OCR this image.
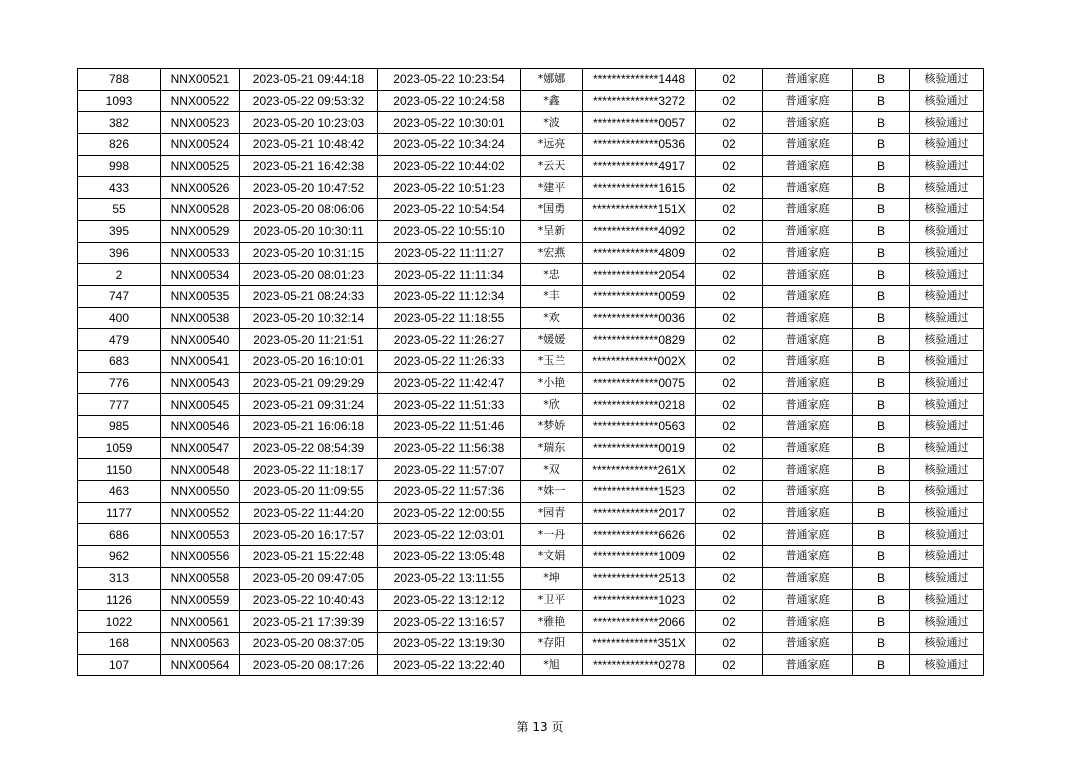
788	NNX00521	2023-05-21 09:44:18	2023-05-22 10:23:54	*娜娜	**************1448	02	普通家庭	B	核验通过
1093	NNX00522	2023-05-22 09:53:32	2023-05-22 10:24:58	*鑫	**************3272	02	普通家庭	B	核验通过
382	NNX00523	2023-05-20 10:23:03	2023-05-22 10:30:01	*波	**************0057	02	普通家庭	B	核验通过
826	NNX00524	2023-05-21 10:48:42	2023-05-22 10:34:24	*远亮	**************0536	02	普通家庭	B	核验通过
998	NNX00525	2023-05-21 16:42:38	2023-05-22 10:44:02	*云天	**************4917	02	普通家庭	B	核验通过
433	NNX00526	2023-05-20 10:47:52	2023-05-22 10:51:23	*建平	**************1615	02	普通家庭	B	核验通过
55	NNX00528	2023-05-20 08:06:06	2023-05-22 10:54:54	*国勇	**************151X	02	普通家庭	B	核验通过
395	NNX00529	2023-05-20 10:30:11	2023-05-22 10:55:10	*呈新	**************4092	02	普通家庭	B	核验通过
396	NNX00533	2023-05-20 10:31:15	2023-05-22 11:11:27	*宏燕	**************4809	02	普通家庭	B	核验通过
2	NNX00534	2023-05-20 08:01:23	2023-05-22 11:11:34	*忠	**************2054	02	普通家庭	B	核验通过
747	NNX00535	2023-05-21 08:24:33	2023-05-22 11:12:34	*丰	**************0059	02	普通家庭	B	核验通过
400	NNX00538	2023-05-20 10:32:14	2023-05-22 11:18:55	*欢	**************0036	02	普通家庭	B	核验通过
479	NNX00540	2023-05-20 11:21:51	2023-05-22 11:26:27	*媛媛	**************0829	02	普通家庭	B	核验通过
683	NNX00541	2023-05-20 16:10:01	2023-05-22 11:26:33	*玉兰	**************002X	02	普通家庭	B	核验通过
776	NNX00543	2023-05-21 09:29:29	2023-05-22 11:42:47	*小艳	**************0075	02	普通家庭	B	核验通过
777	NNX00545	2023-05-21 09:31:24	2023-05-22 11:51:33	*欣	**************0218	02	普通家庭	B	核验通过
985	NNX00546	2023-05-21 16:06:18	2023-05-22 11:51:46	*梦娇	**************0563	02	普通家庭	B	核验通过
1059	NNX00547	2023-05-22 08:54:39	2023-05-22 11:56:38	*瑞东	**************0019	02	普通家庭	B	核验通过
1150	NNX00548	2023-05-22 11:18:17	2023-05-22 11:57:07	*双	**************261X	02	普通家庭	B	核验通过
463	NNX00550	2023-05-20 11:09:55	2023-05-22 11:57:36	*姝一	**************1523	02	普通家庭	B	核验通过
1177	NNX00552	2023-05-22 11:44:20	2023-05-22 12:00:55	*园青	**************2017	02	普通家庭	B	核验通过
686	NNX00553	2023-05-20 16:17:57	2023-05-22 12:03:01	*一丹	**************6626	02	普通家庭	B	核验通过
962	NNX00556	2023-05-21 15:22:48	2023-05-22 13:05:48	*文娟	**************1009	02	普通家庭	B	核验通过
313	NNX00558	2023-05-20 09:47:05	2023-05-22 13:11:55	*坤	**************2513	02	普通家庭	B	核验通过
1126	NNX00559	2023-05-22 10:40:43	2023-05-22 13:12:12	*卫平	**************1023	02	普通家庭	B	核验通过
1022	NNX00561	2023-05-21 17:39:39	2023-05-22 13:16:57	*雅艳	**************2066	02	普通家庭	B	核验通过
168	NNX00563	2023-05-20 08:37:05	2023-05-22 13:19:30	*存阳	**************351X	02	普通家庭	B	核验通过
107	NNX00564	2023-05-20 08:17:26	2023-05-22 13:22:40	*旭	**************0278	02	普通家庭	B	核验通过
第 13 页
